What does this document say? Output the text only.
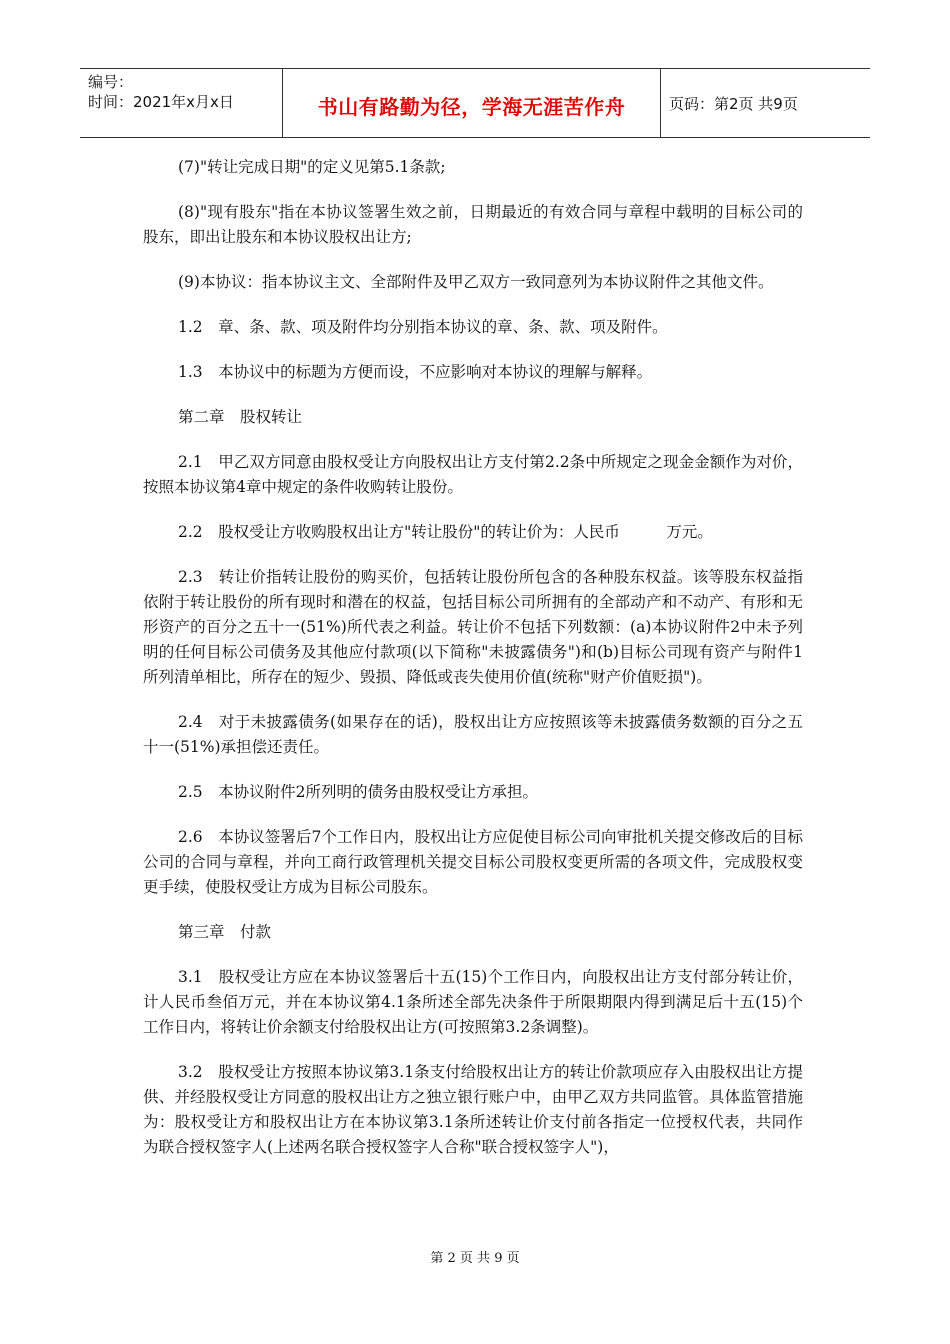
编号：
时间：2021年x月x日	书山有路勤为径，学海无涯苦作舟	页码：第2页 共9页

(7)"转让完成日期"的定义见第5.1条款;

(8)"现有股东"指在本协议签署生效之前，日期最近的有效合同与章程中载明的目标公司的股东，即出让股东和本协议股权出让方;

(9)本协议：指本协议主文、全部附件及甲乙双方一致同意列为本协议附件之其他文件。

1.2　章、条、款、项及附件均分别指本协议的章、条、款、项及附件。

1.3　本协议中的标题为方便而设，不应影响对本协议的理解与解释。

第二章　股权转让

2.1　甲乙双方同意由股权受让方向股权出让方支付第2.2条中所规定之现金金额作为对价，按照本协议第4章中规定的条件收购转让股份。

2.2　股权受让方收购股权出让方"转让股份"的转让价为：人民币　　　万元。

2.3　转让价指转让股份的购买价，包括转让股份所包含的各种股东权益。该等股东权益指依附于转让股份的所有现时和潜在的权益，包括目标公司所拥有的全部动产和不动产、有形和无形资产的百分之五十一(51%)所代表之利益。转让价不包括下列数额：(a)本协议附件2中未予列明的任何目标公司债务及其他应付款项(以下简称"未披露债务")和(b)目标公司现有资产与附件1所列清单相比，所存在的短少、毁损、降低或丧失使用价值(统称"财产价值贬损")。

2.4　对于未披露债务(如果存在的话)，股权出让方应按照该等未披露债务数额的百分之五十一(51%)承担偿还责任。

2.5　本协议附件2所列明的债务由股权受让方承担。

2.6　本协议签署后7个工作日内，股权出让方应促使目标公司向审批机关提交修改后的目标公司的合同与章程，并向工商行政管理机关提交目标公司股权变更所需的各项文件，完成股权变更手续，使股权受让方成为目标公司股东。

第三章　付款

3.1　股权受让方应在本协议签署后十五(15)个工作日内，向股权出让方支付部分转让价，计人民币叁佰万元，并在本协议第4.1条所述全部先决条件于所限期限内得到满足后十五(15)个工作日内，将转让价余额支付给股权出让方(可按照第3.2条调整)。

3.2　股权受让方按照本协议第3.1条支付给股权出让方的转让价款项应存入由股权出让方提供、并经股权受让方同意的股权出让方之独立银行账户中，由甲乙双方共同监管。具体监管措施为：股权受让方和股权出让方在本协议第3.1条所述转让价支付前各指定一位授权代表，共同作为联合授权签字人(上述两名联合授权签字人合称"联合授权签字人")，

第 2 页 共 9 页
